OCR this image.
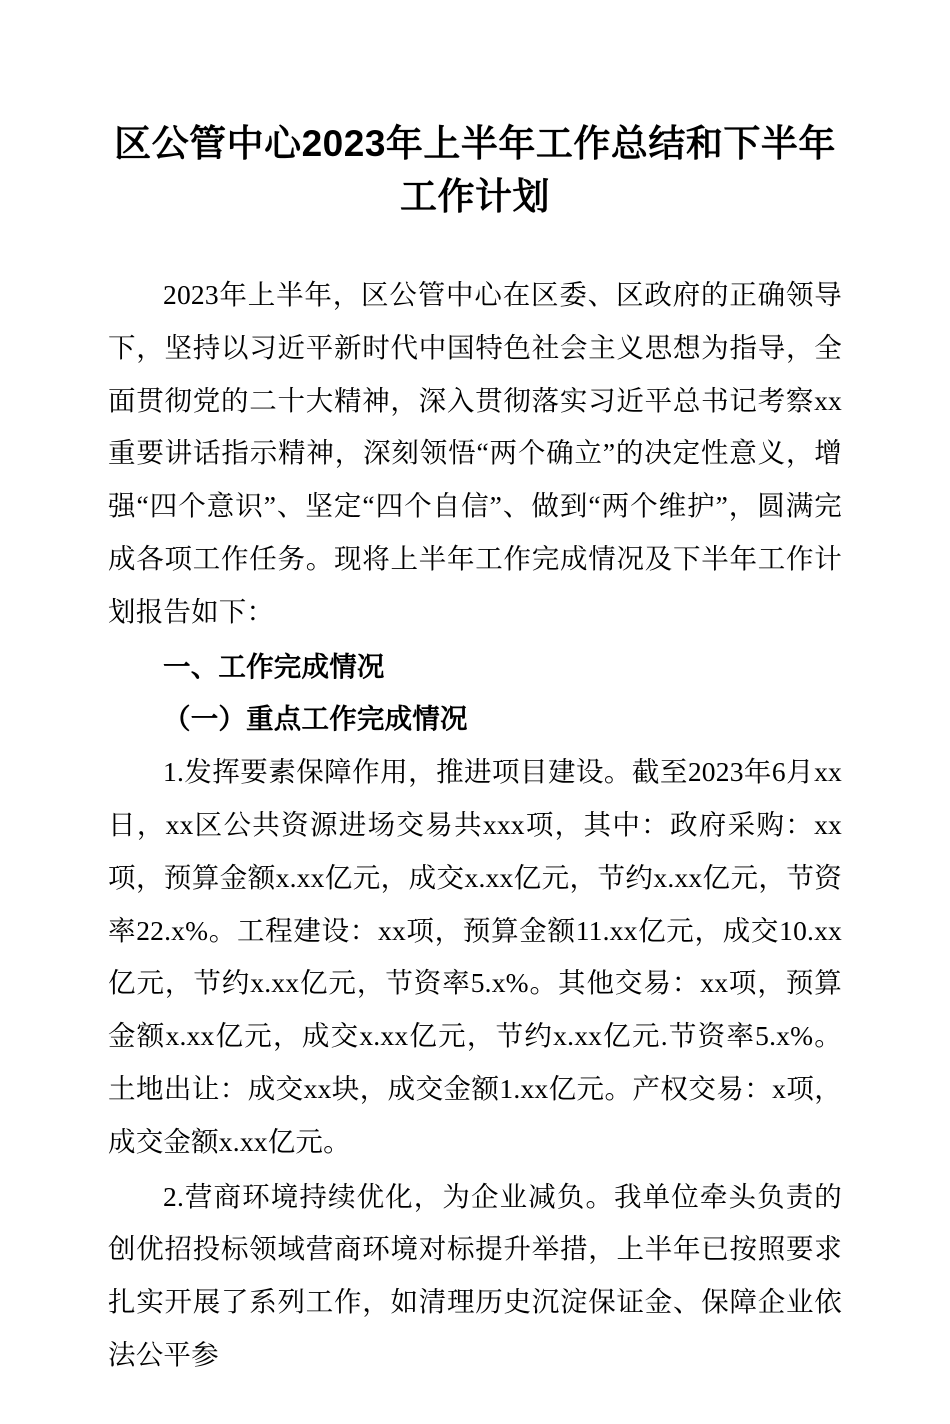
区公管中心2023年上半年工作总结和下半年工作计划

2023年上半年，区公管中心在区委、区政府的正确领导下，坚持以习近平新时代中国特色社会主义思想为指导，全面贯彻党的二十大精神，深入贯彻落实习近平总书记考察xx重要讲话指示精神，深刻领悟“两个确立”的决定性意义，增强“四个意识”、坚定“四个自信”、做到“两个维护”，圆满完成各项工作任务。现将上半年工作完成情况及下半年工作计划报告如下：

一、工作完成情况
（一）重点工作完成情况

1.发挥要素保障作用，推进项目建设。截至2023年6月xx日，xx区公共资源进场交易共xxx项，其中：政府采购：xx项，预算金额x.xx亿元，成交x.xx亿元，节约x.xx亿元，节资率22.x%。工程建设：xx项，预算金额11.xx亿元，成交10.xx亿元，节约x.xx亿元，节资率5.x%。其他交易：xx项，预算金额x.xx亿元，成交x.xx亿元，节约x.xx亿元.节资率5.x%。土地出让：成交xx块，成交金额1.xx亿元。产权交易：x项，成交金额x.xx亿元。

2.营商环境持续优化，为企业减负。我单位牵头负责的创优招投标领域营商环境对标提升举措，上半年已按照要求扎实开展了系列工作，如清理历史沉淀保证金、保障企业依法公平参
